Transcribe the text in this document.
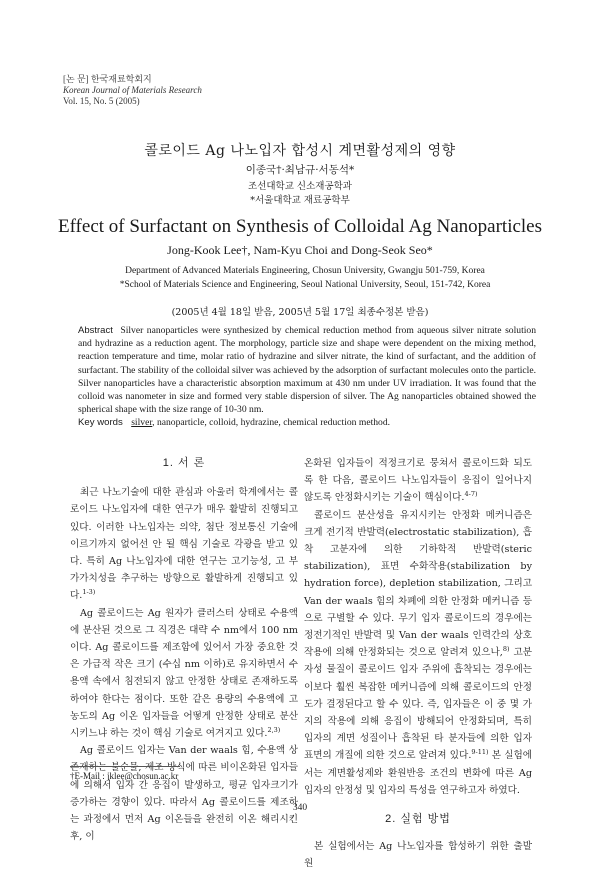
[논 문] 한국재료학회지
Korean Journal of Materials Research
Vol. 15, No. 5 (2005)
콜로이드 Ag 나노입자 합성시 계면활성제의 영향
이종국†·최남규·서동석*
조선대학교 신소재공학과
*서울대학교 재료공학부
Effect of Surfactant on Synthesis of Colloidal Ag Nanoparticles
Jong-Kook Lee†, Nam-Kyu Choi and Dong-Seok Seo*
Department of Advanced Materials Engineering, Chosun University, Gwangju 501-759, Korea
*School of Materials Science and Engineering, Seoul National University, Seoul, 151-742, Korea
(2005년 4월 18일 받음, 2005년 5월 17일 최종수정본 받음)
Abstract Silver nanoparticles were synthesized by chemical reduction method from aqueous silver nitrate solution and hydrazine as a reduction agent. The morphology, particle size and shape were dependent on the mixing method, reaction temperature and time, molar ratio of hydrazine and silver nitrate, the kind of surfactant, and the addition of surfactant. The stability of the colloidal silver was achieved by the adsorption of surfactant molecules onto the particle. Silver nanoparticles have a characteristic absorption maximum at 430 nm under UV irradiation. It was found that the colloid was nanometer in size and formed very stable dispersion of silver. The Ag nanoparticles obtained showed the spherical shape with the size range of 10-30 nm.
Key words silver, nanoparticle, colloid, hydrazine, chemical reduction method.
1. 서 론

최근 나노기술에 대한 관심과 아울러 학계에서는 콜로이드 나노입자에 대한 연구가 매우 활발히 진행되고 있다. 이러한 나노입자는 의약, 첨단 정보통신 기술에 이르기까지 없어선 안 될 핵심 기술로 각광을 받고 있다. 특히 Ag 나노입자에 대한 연구는 고기능성, 고 부가가치성을 추구하는 방향으로 활발하게 진행되고 있다.$^{1-3)}$

Ag 콜로이드는 Ag 원자가 클러스터 상태로 수용액에 분산된 것으로 그 직경은 대략 수 nm에서 100 nm이다. Ag 콜로이드를 제조함에 있어서 가장 중요한 것은 가급적 작은 크기 (수십 nm 이하)로 유지하면서 수용액 속에서 침전되지 않고 안정한 상태로 존재하도록 하여야 한다는 점이다. 또한 같은 용량의 수용액에 고농도의 Ag 이온 입자들을 어떻게 안정한 상태로 분산시키느냐 하는 것이 핵심 기술로 여겨지고 있다.$^{2,3)}$

Ag 콜로이드 입자는 Van der waals 힘, 수용액 상 존재하는 불순물, 제조 방식에 따른 비이온화된 입자들에 의해서 입자 간 응집이 발생하고, 평균 입자크기가 증가하는 경향이 있다. 따라서 Ag 콜로이드를 제조하는 과정에서 먼저 Ag 이온들을 완전히 이온 해리시킨 후, 이

온화된 입자들이 적정크기로 뭉쳐서 콜로이드화 되도록 한 다음, 콜로이드 나노입자들이 응집이 일어나지 않도록 안정화시키는 기술이 핵심이다.$^{4-7)}$

콜로이드 분산성을 유지시키는 안정화 메커니즘은 크게 전기적 반발력(electrostatic stabilization), 흡착 고분자에 의한 기하학적 반발력(steric stabilization), 표면 수화작용(stabilization by hydration force), depletion stabilization, 그리고 Van der waals 힘의 차폐에 의한 안정화 메커니즘 등으로 구별할 수 있다. 무기 입자 콜로이드의 경우에는 정전기적인 반발력 및 Van der waals 인력간의 상호작용에 의해 안정화되는 것으로 알려져 있으나,$^{8)}$ 고분자성 물질이 콜로이드 입자 주위에 흡착되는 경우에는 이보다 훨씬 복잡한 메커니즘에 의해 콜로이드의 안정도가 결정된다고 할 수 있다. 즉, 입자들은 이 중 몇 가지의 작용에 의해 응집이 방해되어 안정화되며, 특히 입자의 계면 성질이나 흡착된 타 분자들에 의한 입자 표면의 개질에 의한 것으로 알려져 있다.$^{9-11)}$ 본 실험에서는 계면활성제와 환원반응 조건의 변화에 따른 Ag 입자의 안정성 및 입자의 특성을 연구하고자 하였다.

2. 실험 방법

본 실험에서는 Ag 나노입자를 합성하기 위한 출발 원

†E-Mail : jklee@chosun.ac.kr
340
